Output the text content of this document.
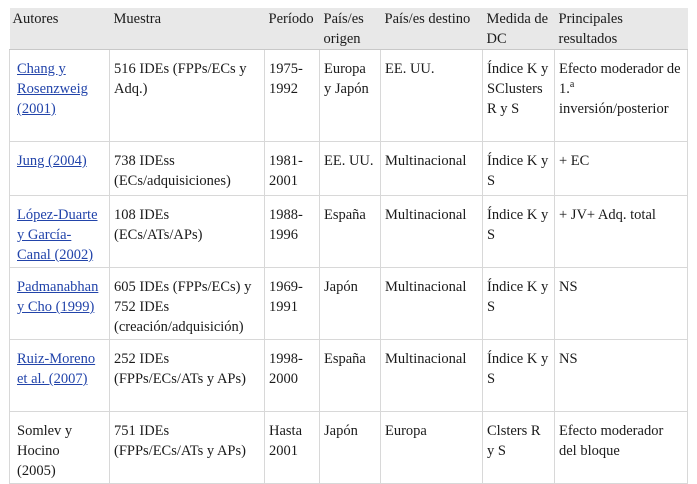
Autores	Muestra	Período	País/es origen	País/es destino	Medida de DC	Principales resultados
Chang y
Rosenzweig
(2001)	516 IDEs (FPPs/ECs y Adq.)	1975-1992	Europa y Japón	EE. UU.	Índice K y SClusters R y S	Efecto moderador de 1.$^a$ inversión/posterior
Jung (2004)	738 IDEss (ECs/adquisiciones)	1981-2001	EE. UU.	Multinacional	Índice K y S	+ EC
López-Duarte
y García-
Canal (2002)	108 IDEs (ECs/ATs/APs)	1988-1996	España	Multinacional	Índice K y S	+ JV+ Adq. total
Padmanabhan
y Cho (1999)	605 IDEs (FPPs/ECs) y 752 IDEs (creación/adquisición)	1969-1991	Japón	Multinacional	Índice K y S	NS
Ruiz-Moreno
et al. (2007)	252 IDEs (FPPs/ECs/ATs y APs)	1998-2000	España	Multinacional	Índice K y S	NS
Somlev y
Hocino
(2005)	751 IDEs (FPPs/ECs/ATs y APs)	Hasta 2001	Japón	Europa	Clsters R y S	Efecto moderador del bloque
